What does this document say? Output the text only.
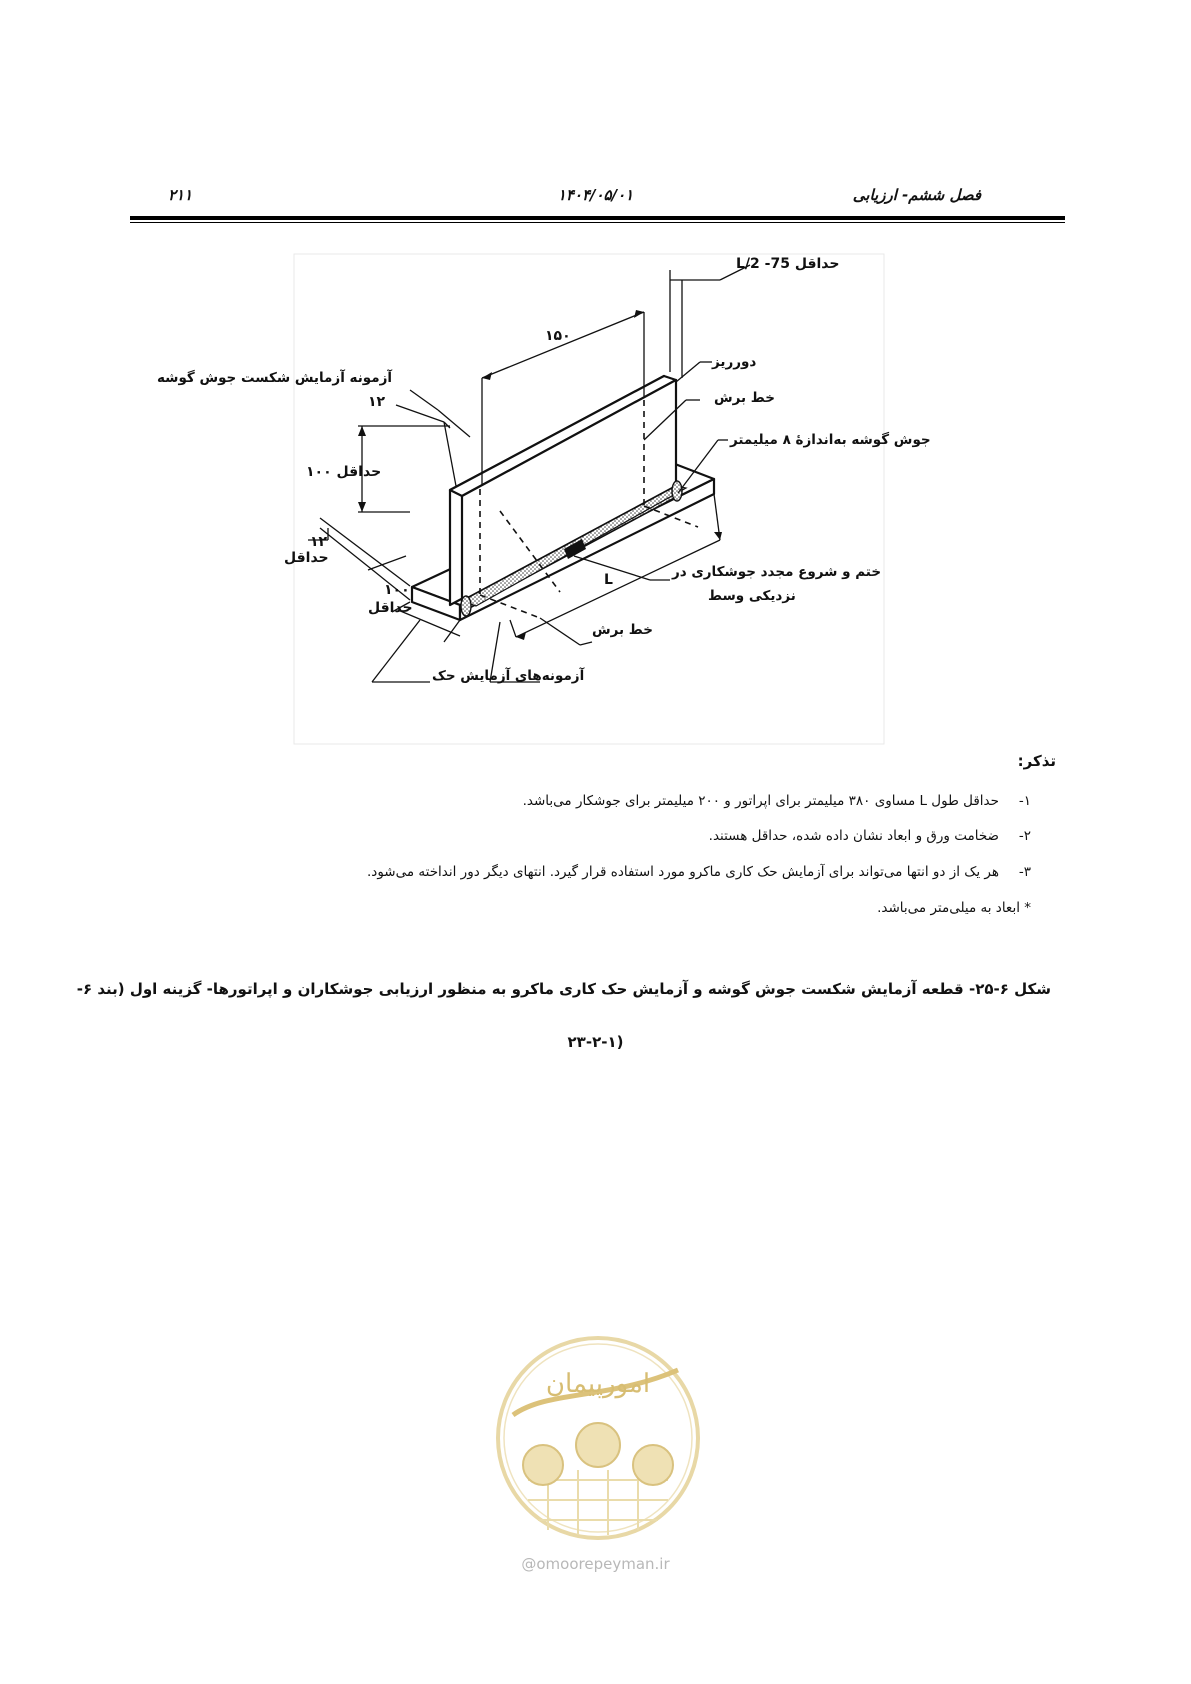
فصل ششم- ارزیابی
۱۴۰۴/۰۵/۰۱
۲۱۱
حداقل L/2 -75
۱۵۰
دورریز
آزمونه آزمایش شکست جوش گوشه
۱۲	خط برش
جوش گوشه به‌اندازهٔ ۸ میلیمتر
۱۰۰ حداقل
۱۲
حداقل
ختم و شروع مجدد جوشکاری در
نزدیکی وسط
L
۱۰۰
حداقل
خط برش
آزمونه‌های آزمایش حک
تذکر:
۱-حداقل طول L مساوی ۳۸۰ میلیمتر برای اپراتور و ۲۰۰ میلیمتر برای جوشکار می‌باشد.
۲-ضخامت ورق و ابعاد نشان داده شده، حداقل هستند.
۳-هر یک از دو انتها می‌تواند برای آزمایش حک کاری ماکرو مورد استفاده قرار گیرد. انتهای دیگر دور انداخته می‌شود.
* ابعاد به میلی‌متر می‌باشد.
شکل ۶-۲۵- قطعه آزمایش شکست جوش گوشه و آزمایش حک کاری ماکرو به منظور ارزیابی جوشکاران و اپراتورها- گزینه اول (بند ۶-
۲۳-۲-۱)
امورپیمان
@omoorepeyman.ir
